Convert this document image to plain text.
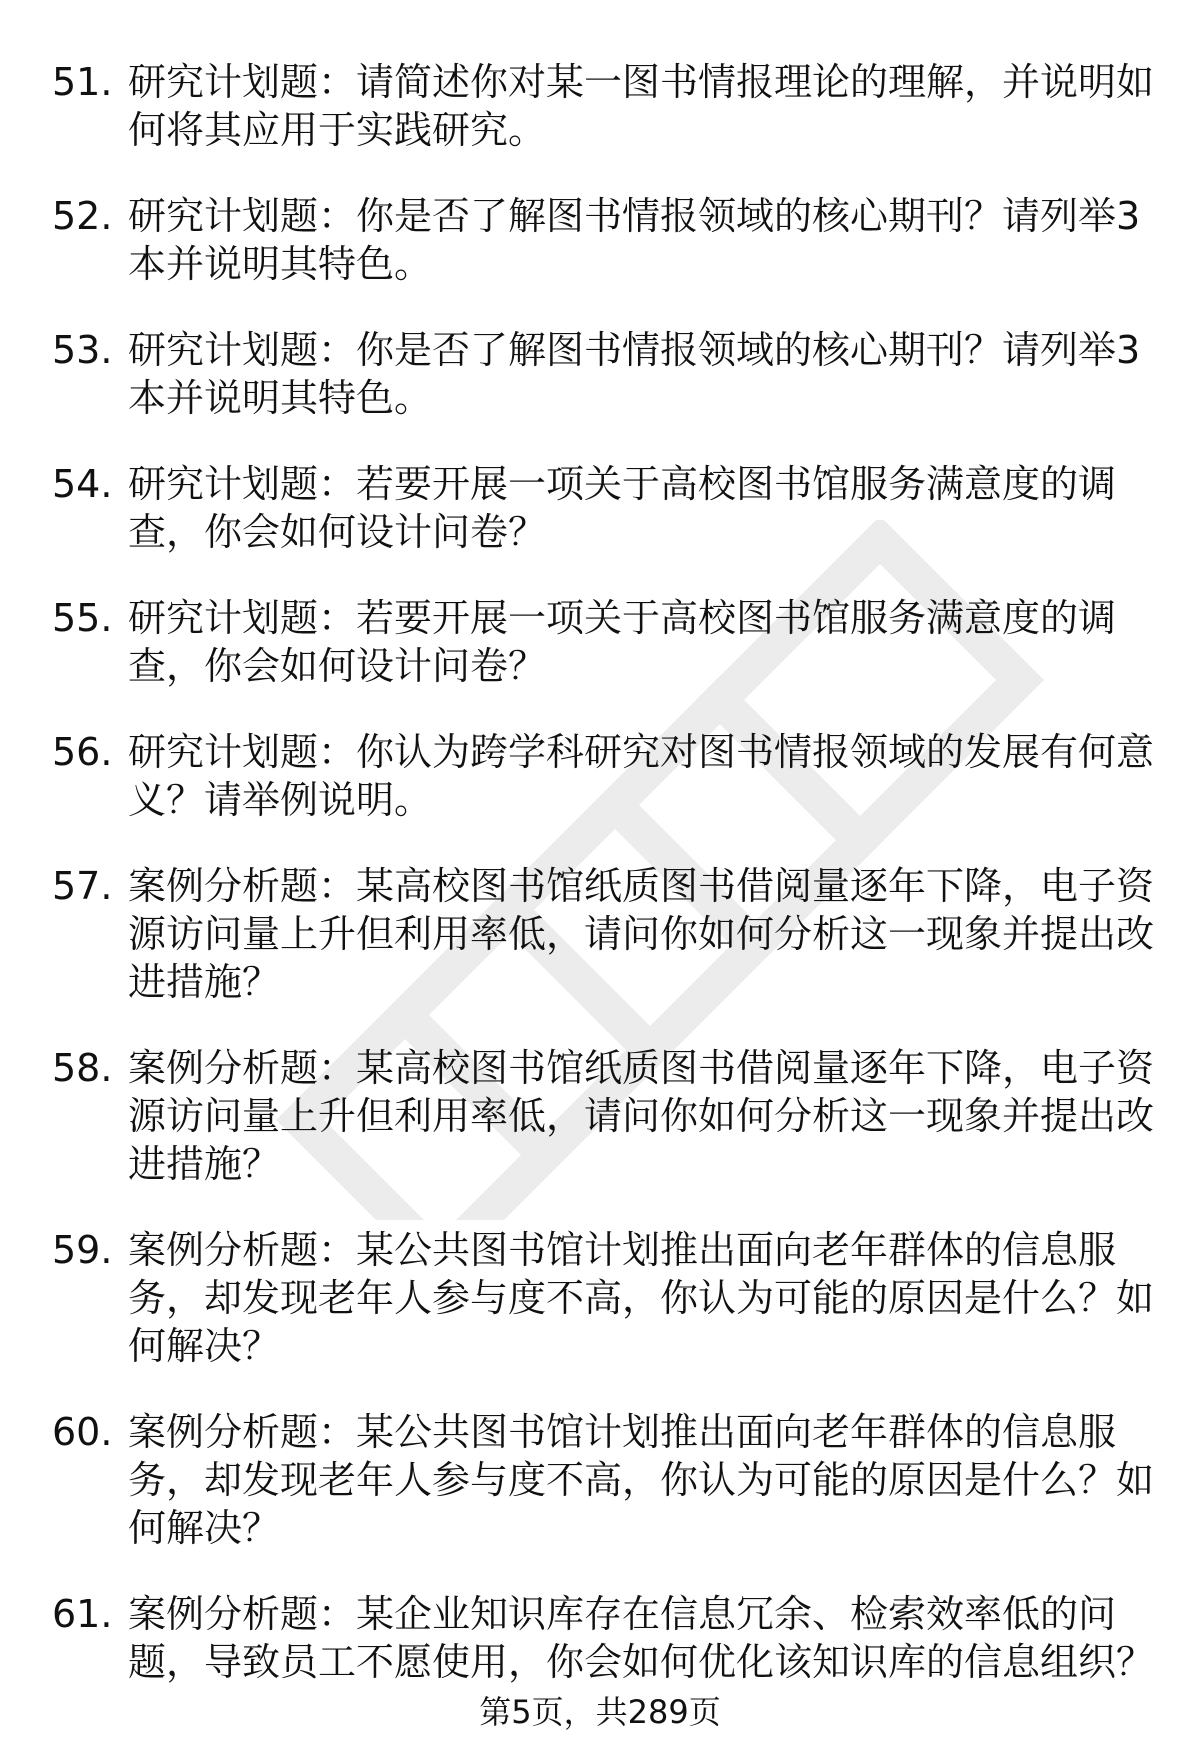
51. 研究计划题：请简述你对某一图书情报理论的理解，并说明如何将其应用于实践研究。
52. 研究计划题：你是否了解图书情报领域的核心期刊？请列举3本并说明其特色。
53. 研究计划题：你是否了解图书情报领域的核心期刊？请列举3本并说明其特色。
54. 研究计划题：若要开展一项关于高校图书馆服务满意度的调查，你会如何设计问卷？
55. 研究计划题：若要开展一项关于高校图书馆服务满意度的调查，你会如何设计问卷？
56. 研究计划题：你认为跨学科研究对图书情报领域的发展有何意义？请举例说明。
57. 案例分析题：某高校图书馆纸质图书借阅量逐年下降，电子资源访问量上升但利用率低，请问你如何分析这一现象并提出改进措施？
58. 案例分析题：某高校图书馆纸质图书借阅量逐年下降，电子资源访问量上升但利用率低，请问你如何分析这一现象并提出改进措施？
59. 案例分析题：某公共图书馆计划推出面向老年群体的信息服务，却发现老年人参与度不高，你认为可能的原因是什么？如何解决？
60. 案例分析题：某公共图书馆计划推出面向老年群体的信息服务，却发现老年人参与度不高，你认为可能的原因是什么？如何解决？
61. 案例分析题：某企业知识库存在信息冗余、检索效率低的问题，导致员工不愿使用，你会如何优化该知识库的信息组织？
第5页，共289页
